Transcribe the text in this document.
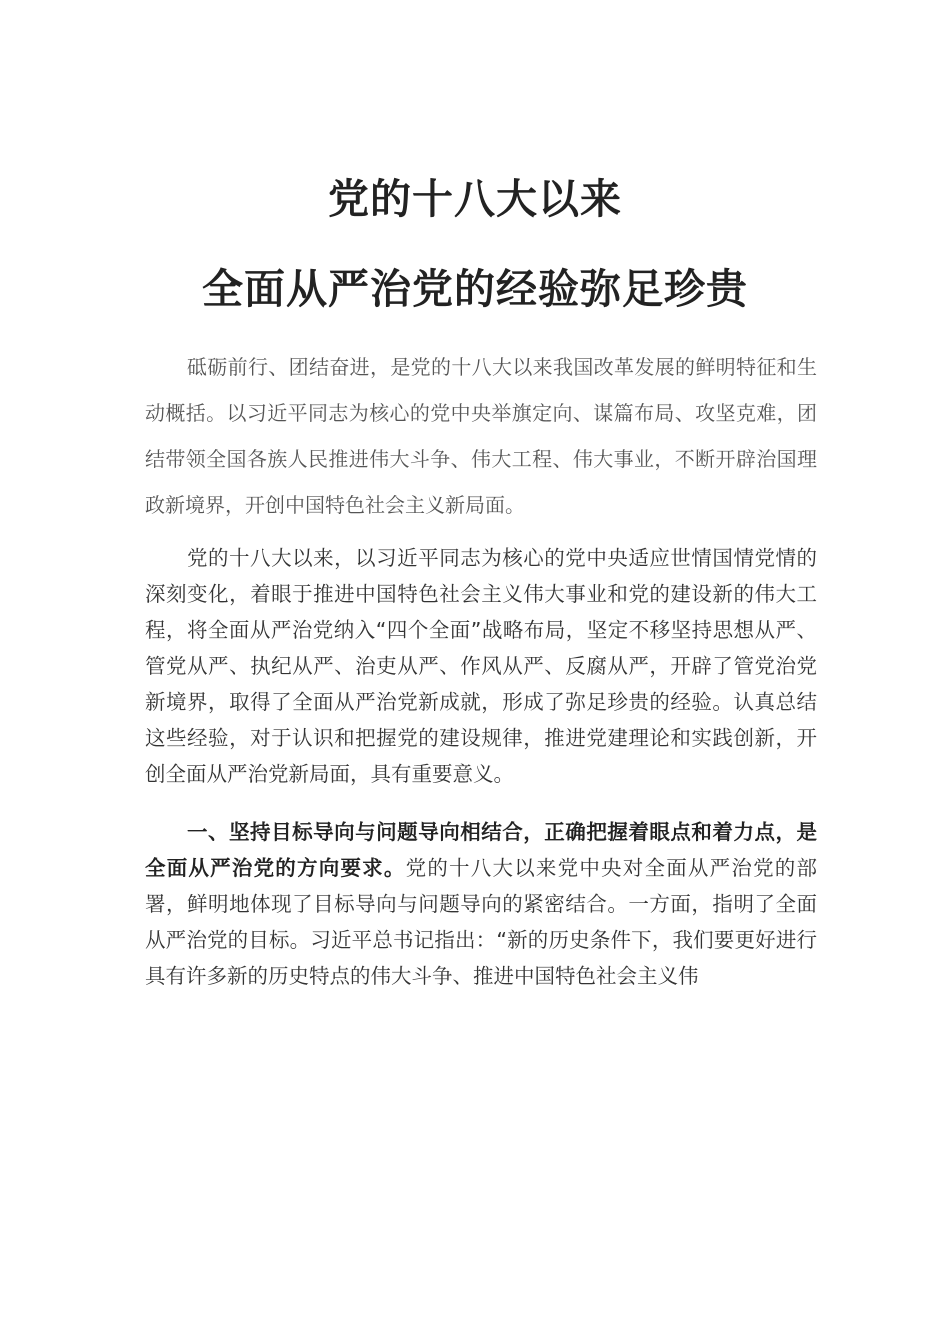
党的十八大以来
全面从严治党的经验弥足珍贵

砥砺前行、团结奋进，是党的十八大以来我国改革发展的鲜明特征和生动概括。以习近平同志为核心的党中央举旗定向、谋篇布局、攻坚克难，团结带领全国各族人民推进伟大斗争、伟大工程、伟大事业，不断开辟治国理政新境界，开创中国特色社会主义新局面。

党的十八大以来，以习近平同志为核心的党中央适应世情国情党情的深刻变化，着眼于推进中国特色社会主义伟大事业和党的建设新的伟大工程，将全面从严治党纳入“四个全面”战略布局，坚定不移坚持思想从严、管党从严、执纪从严、治吏从严、作风从严、反腐从严，开辟了管党治党新境界，取得了全面从严治党新成就，形成了弥足珍贵的经验。认真总结这些经验，对于认识和把握党的建设规律，推进党建理论和实践创新，开创全面从严治党新局面，具有重要意义。

一、坚持目标导向与问题导向相结合，正确把握着眼点和着力点，是全面从严治党的方向要求。党的十八大以来党中央对全面从严治党的部署，鲜明地体现了目标导向与问题导向的紧密结合。一方面，指明了全面从严治党的目标。习近平总书记指出：“新的历史条件下，我们要更好进行具有许多新的历史特点的伟大斗争、推进中国特色社会主义伟
